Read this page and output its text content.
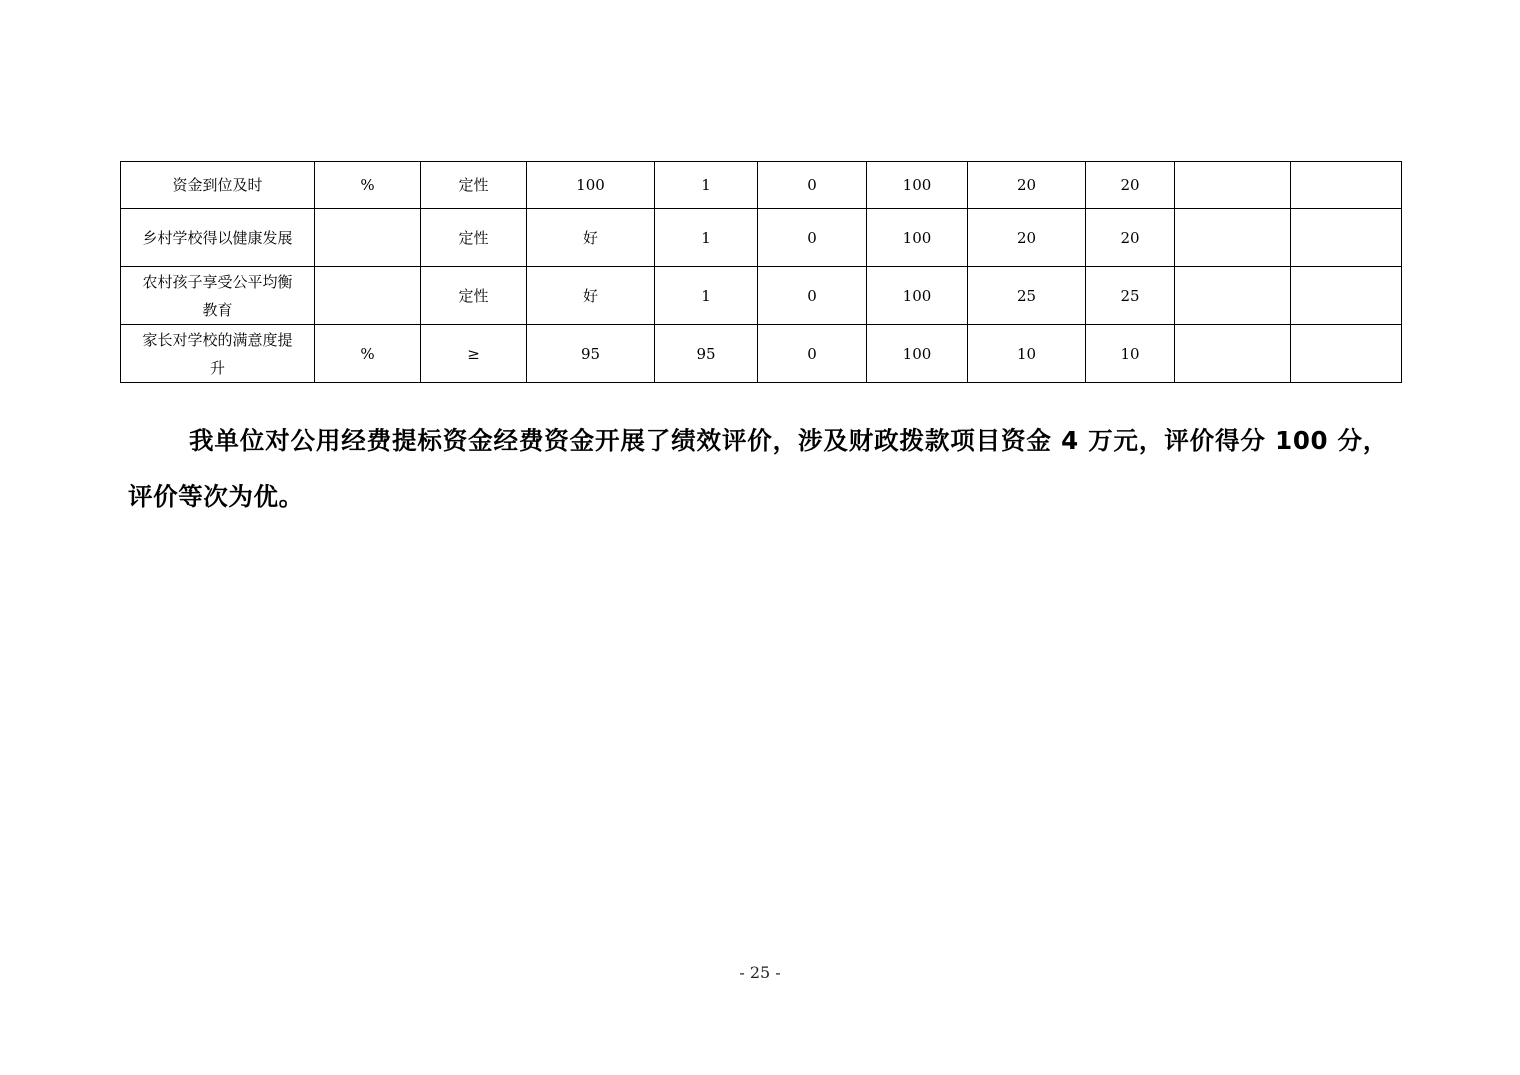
资金到位及时	%	定性	100	1	0	100	20	20		
乡村学校得以健康发展		定性	好	1	0	100	20	20		
农村孩子享受公平均衡教育		定性	好	1	0	100	25	25		
家长对学校的满意度提升	%	≥	95	95	0	100	10	10		

我单位对公用经费提标资金经费资金开展了绩效评价，涉及财政拨款项目资金 4 万元，评价得分 100 分，评价等次为优。

- 25 -
